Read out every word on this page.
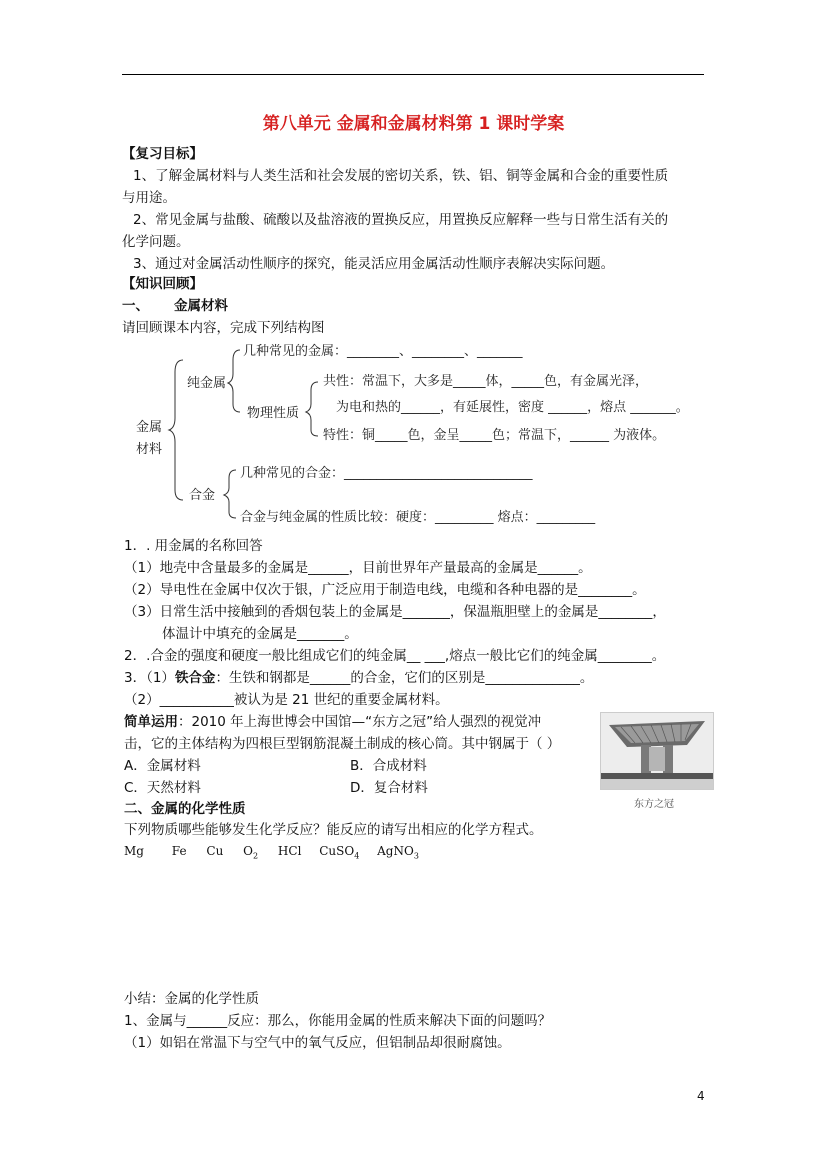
第八单元 金属和金属材料第 1 课时学案
【复习目标】
1、了解金属材料与人类生活和社会发展的密切关系，铁、铝、铜等金属和合金的重要性质
与用途。
2、常见金属与盐酸、硫酸以及盐溶液的置换反应，用置换反应解释一些与日常生活有关的
化学问题。
3、通过对金属活动性顺序的探究，能灵活应用金属活动性顺序表解决实际问题。
【知识回顾】
一、 金属材料
请回顾课本内容，完成下列结构图
金属
材料
纯金属
合金
几种常见的金属：________、________、_______
物理性质
共性：常温下，大多是_____体，_____色，有金属光泽，
为电和热的______，有延展性，密度 ______，熔点 _______。
特性：铜_____色，金呈_____色；常温下，______ 为液体。
几种常见的合金：_____________________________
合金与纯金属的性质比较：硬度：_________ 熔点：_________
1．. 用金属的名称回答
（1）地壳中含量最多的金属是______，目前世界年产量最高的金属是______。
（2）导电性在金属中仅次于银，广泛应用于制造电线，电缆和各种电器的是________。
（3）日常生活中接触到的香烟包装上的金属是_______，保温瓶胆壁上的金属是________，
体温计中填充的金属是_______。
2．.合金的强度和硬度一般比组成它们的纯金属__ ___,熔点一般比它们的纯金属________。
3．（1）铁合金：生铁和钢都是______的合金，它们的区别是______________。
（2）___________被认为是 21 世纪的重要金属材料。
简单运用：2010 年上海世博会中国馆—“东方之冠”给人强烈的视觉冲
击，它的主体结构为四根巨型钢筋混凝土制成的核心筒。其中钢属于（ ）
A．金属材料	B．合成材料
C．天然材料	D．复合材料
东方之冠
二、金属的化学性质
下列物质哪些能够发生化学反应？能反应的请写出相应的化学方程式。
Mg Fe Cu $O_2$ HCl CuSO$_4$ AgNO$_3$
小结：金属的化学性质
1、金属与______反应：那么，你能用金属的性质来解决下面的问题吗？
（1）如铝在常温下与空气中的氧气反应，但铝制品却很耐腐蚀。
4
